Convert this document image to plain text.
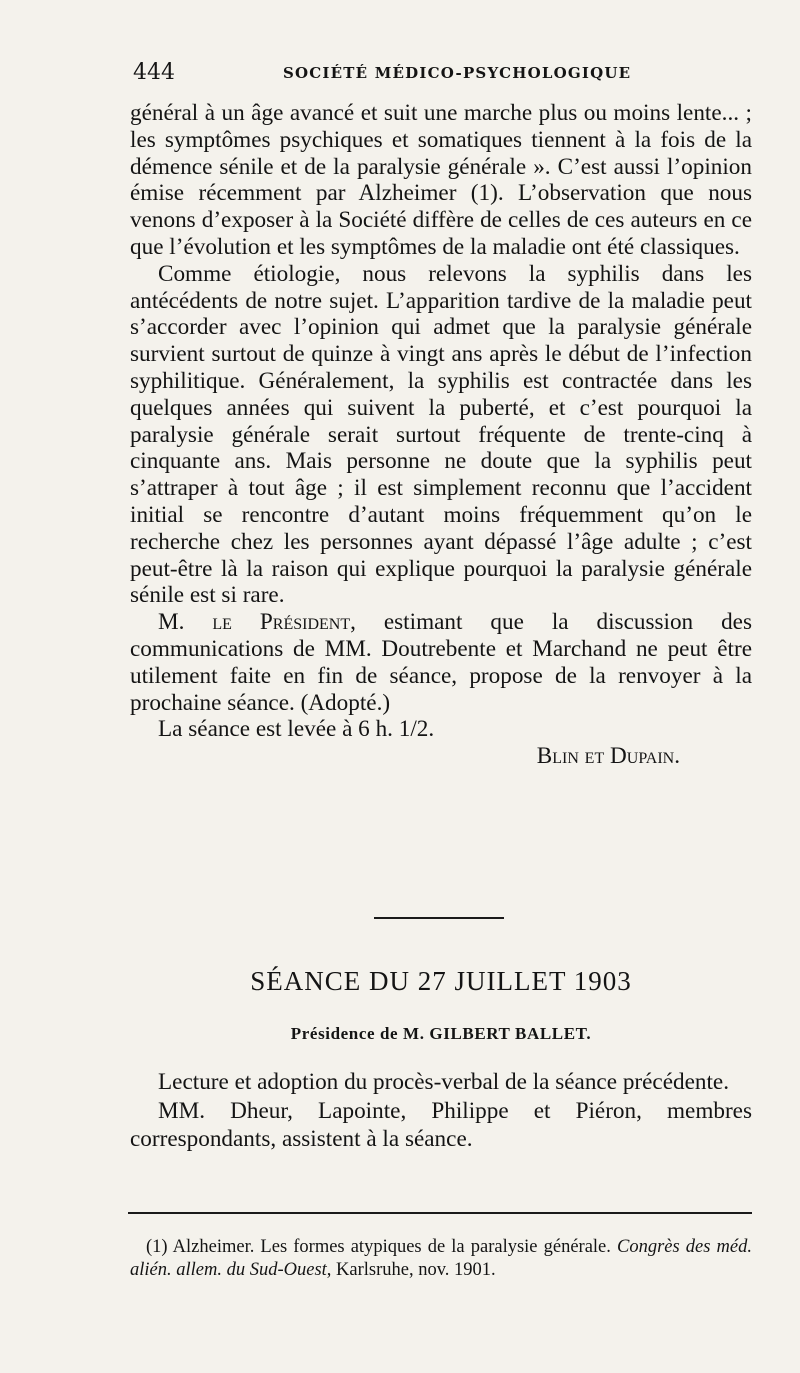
444	SOCIÉTÉ MÉDICO-PSYCHOLOGIQUE

général à un âge avancé et suit une marche plus ou moins lente... ; les symptômes psychiques et somatiques tiennent à la fois de la démence sénile et de la paralysie générale ». C’est aussi l’opinion émise récemment par Alzheimer (1). L’observation que nous venons d’exposer à la Société diffère de celles de ces auteurs en ce que l’évolution et les symptômes de la maladie ont été classiques.

Comme étiologie, nous relevons la syphilis dans les antécédents de notre sujet. L’apparition tardive de la maladie peut s’accorder avec l’opinion qui admet que la paralysie générale survient surtout de quinze à vingt ans après le début de l’infection syphilitique. Généralement, la syphilis est contractée dans les quelques années qui suivent la puberté, et c’est pourquoi la paralysie générale serait surtout fréquente de trente-cinq à cinquante ans. Mais personne ne doute que la syphilis peut s’attraper à tout âge ; il est simplement reconnu que l’accident initial se rencontre d’autant moins fréquemment qu’on le recherche chez les personnes ayant dépassé l’âge adulte ; c’est peut-être là la raison qui explique pourquoi la paralysie générale sénile est si rare.

M. le Président, estimant que la discussion des communications de MM. Doutrebente et Marchand ne peut être utilement faite en fin de séance, propose de la renvoyer à la prochaine séance. (Adopté.)

La séance est levée à 6 h. 1/2.

Blin et Dupain.

SÉANCE DU 27 JUILLET 1903
Présidence de M. GILBERT BALLET.

Lecture et adoption du procès-verbal de la séance précédente.

MM. Dheur, Lapointe, Philippe et Piéron, membres correspondants, assistent à la séance.

(1) Alzheimer. Les formes atypiques de la paralysie générale. Congrès des méd. alién. allem. du Sud-Ouest, Karlsruhe, nov. 1901.
